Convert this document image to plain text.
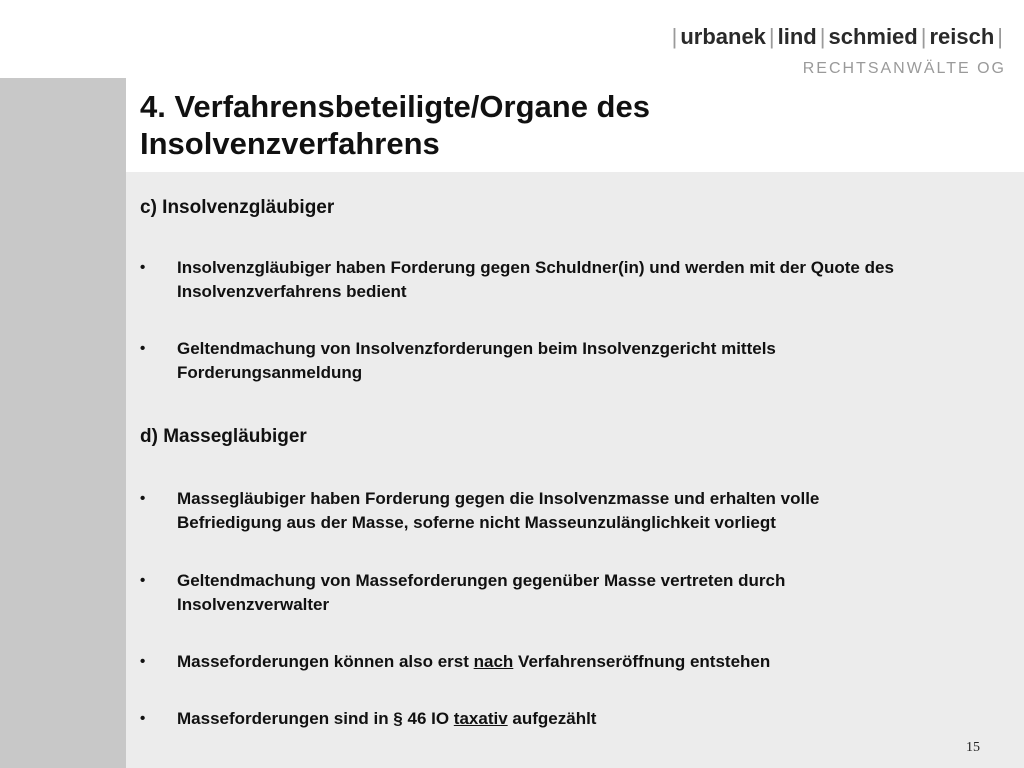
| urbanek | lind | schmied | reisch |
RECHTSANWÄLTE OG
4. Verfahrensbeteiligte/Organe des
Insolvenzverfahrens
c) Insolvenzgläubiger
•	Insolvenzgläubiger haben Forderung gegen Schuldner(in) und werden mit der Quote des
Insolvenzverfahrens bedient
•	Geltendmachung von Insolvenzforderungen beim Insolvenzgericht mittels
Forderungsanmeldung
d) Massegläubiger
•	Massegläubiger haben Forderung gegen die Insolvenzmasse und erhalten volle
Befriedigung aus der Masse, soferne nicht Masseunzulänglichkeit vorliegt
•	Geltendmachung von Masseforderungen gegenüber Masse vertreten durch
Insolvenzverwalter
•	Masseforderungen können also erst nach Verfahrenseröffnung entstehen
•	Masseforderungen sind in § 46 IO taxativ aufgezählt
15
